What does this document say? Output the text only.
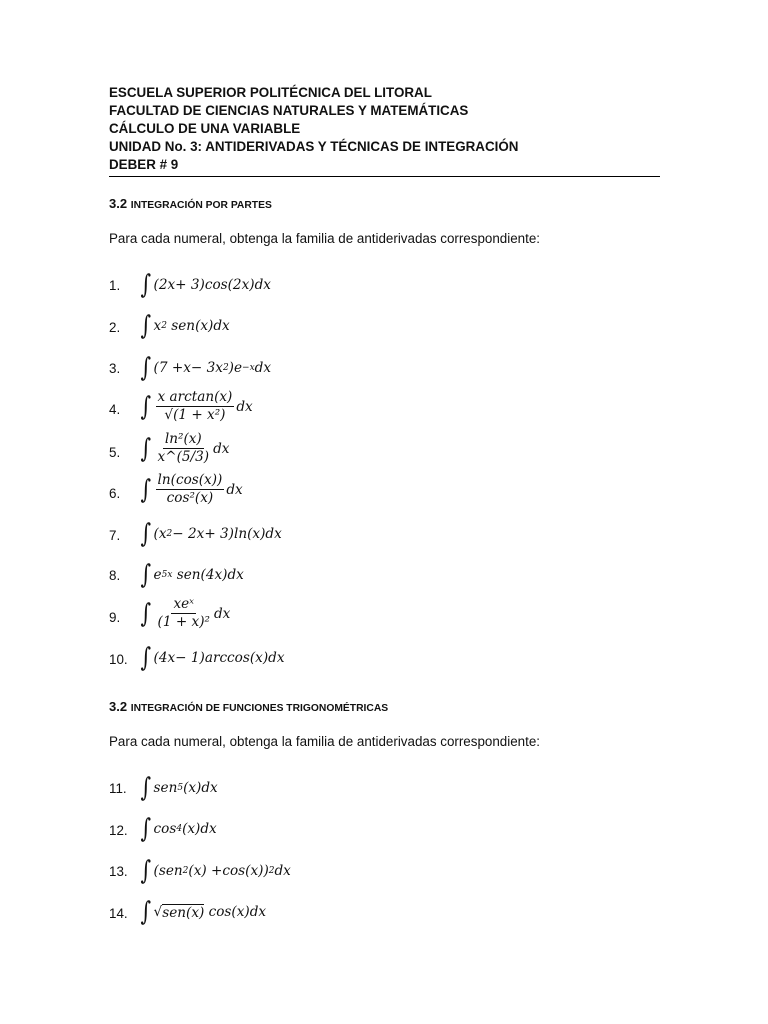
ESCUELA SUPERIOR POLITÉCNICA DEL LITORAL
FACULTAD DE CIENCIAS NATURALES Y MATEMÁTICAS
CÁLCULO DE UNA VARIABLE
UNIDAD No. 3: ANTIDERIVADAS Y TÉCNICAS DE INTEGRACIÓN
DEBER # 9
3.2 INTEGRACIÓN POR PARTES
Para cada numeral, obtenga la familia de antiderivadas correspondiente:
1. ∫ (2 x + 3) cos (2 x ) dx
2. ∫ x 2
sen ( x ) dx
3. ∫ (7 + x − 3 x 2 ) e −x dx
4. ∫ $\frac{\text{x arctan(x)}}{\text{√(1 + x²)}}$ dx
5. ∫ $\frac{\text{ln²(x)}}{x\^{}(5/3)}$ dx
6. ∫ $\frac{\ln(\cos(x))}{\text{cos²(x)}}$ dx
7. ∫ ( x 2 − 2 x + 3) ln ( x ) dx
8. ∫ e 5x
sen (4 x ) dx
9. ∫ $\frac{\text{xeˣ}}{\text{(1 + x)²}}$ dx
10. ∫ (4 x − 1) arccos ( x ) dx
3.2 INTEGRACIÓN DE FUNCIONES TRIGONOMÉTRICAS
Para cada numeral, obtenga la familia de antiderivadas correspondiente:
11. ∫ sen 5 ( x ) dx
12. ∫ cos 4 ( x ) dx
13. ∫ ( sen 2 ( x ) + cos ( x )) 2 dx
14. ∫ √ sen(x)
cos ( x ) dx
